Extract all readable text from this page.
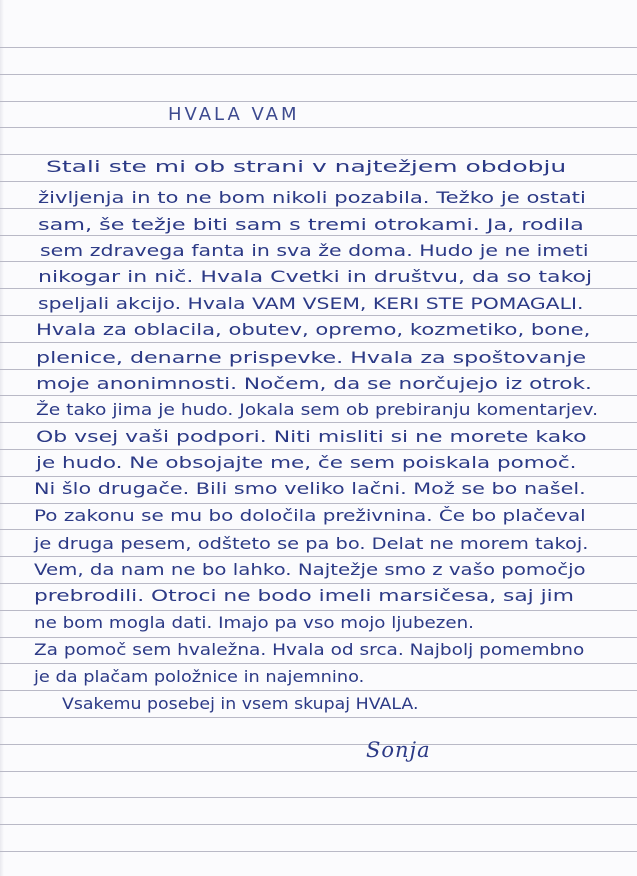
HVALA VAM
Stali ste mi ob strani v najtežjem obdobju
življenja in to ne bom nikoli pozabila. Težko je ostati
sam, še težje biti sam s tremi otrokami. Ja, rodila
sem zdravega fanta in sva že doma. Hudo je ne imeti
nikogar in nič. Hvala Cvetki in društvu, da so takoj
speljali akcijo. Hvala VAM VSEM, KERI STE POMAGALI.
Hvala za oblacila, obutev, opremo, kozmetiko, bone,
plenice, denarne prispevke. Hvala za spoštovanje
moje anonimnosti. Nočem, da se norčujejo iz otrok.
Že tako jima je hudo. Jokala sem ob prebiranju komentarjev.
Ob vsej vaši podpori. Niti misliti si ne morete kako
je hudo. Ne obsojajte me, če sem poiskala pomoč.
Ni šlo drugače. Bili smo veliko lačni. Mož se bo našel.
Po zakonu se mu bo določila preživnina. Če bo plačeval
je druga pesem, odšteto se pa bo. Delat ne morem takoj.
Vem, da nam ne bo lahko. Najtežje smo z vašo pomočjo
prebrodili. Otroci ne bodo imeli marsičesa, saj jim
ne bom mogla dati. Imajo pa vso mojo ljubezen.
Za pomoč sem hvaležna. Hvala od srca. Najbolj pomembno
je da plačam položnice in najemnino.
Vsakemu posebej in vsem skupaj HVALA.
Sonja
